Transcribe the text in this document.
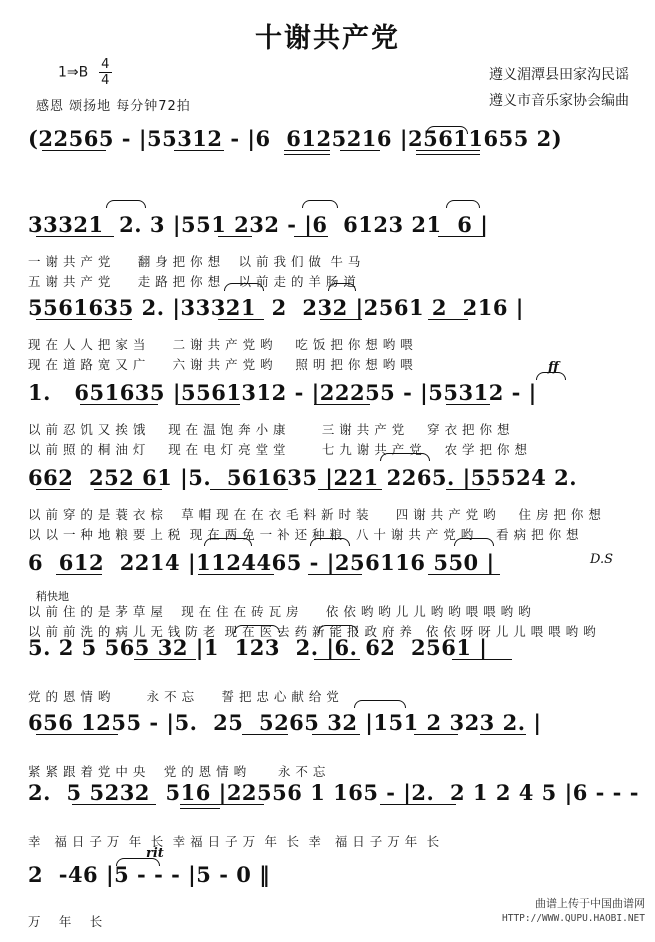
十谢共产党
1⇒B $\frac{4}{4}$
感恩 颂扬地 每分钟72拍
遵义湄潭县田家沟民谣
遵义市音乐家协会编曲
(22565 - |55312 - |6  6125216 |25611655 2)
33321  2. 3 |551 232 - |6  6123 21  6 |
一 谢 共 产 党      翻 身 把 你 想    以 前 我 们 做  牛 马
五 谢 共 产 党      走 路 把 你 想    以 前 走 的 羊 肠 道
5561635 2. |33321  2  232 |2561 2  216 |
现 在 人 人 把 家 当      二 谢 共 产 党 哟     吃 饭 把 你 想 哟 喂
现 在 道 路 宽 又 广      六 谢 共 产 党 哟     照 明 把 你 想 哟 喂	ff
1.   651635 |5561312 - |22255 - |55312 - |
以 前 忍 饥 又 挨 饿     现 在 温 饱 奔 小 康        三 谢 共 产 党     穿 衣 把 你 想
以 前 照 的 桐 油 灯     现 在 电 灯 亮 堂 堂        七 九 谢 共 产 党     农 学 把 你 想
662  252 61 |5.  561635 |221 2265. |55524 2.
以 前 穿 的 是 蓑 衣 棕    草 帽 现 在 在 衣 毛 料 新 时 装      四 谢 共 产 党 哟     住 房 把 你 想
以 以 一 种 地 粮 要 上 税  现 在 两 免 一 补 还 种 粮   八 十 谢 共 产 党 哟     看 病 把 你 想
6  612  2214 |1124465 - |256116 550 |	D.S
稍快地
以 前 住 的 是 茅 草 屋    现 在 住 在 砖 瓦 房      依 依 哟 哟 儿 儿 哟 哟 喂 喂 哟 哟
以 前 前 洗 的 病 儿 无 钱 防 老  现 在 医 去 药 新 能 报 政 府 养   依 依 呀 呀 儿 儿 喂 喂 哟 哟
5. 2 5 565 32 |1  123  2. |6. 62  2561 |
党 的 恩 情 哟        永 不 忘      誓 把 忠 心 献 给 党
656 1255 - |5.  25  5265 32 |151 2 323 2. |
紧 紧 跟 着 党 中 央    党 的 恩 情 哟       永 不 忘
2.  5 5232  516 |22556 1 165 - |2.  2 1 2 4 5 |6 - - -
幸   福 日 子 万  年  长  幸 福 日 子 万  年  长  幸   福 日 子 万 年  长
rit
2  -46 |5 - - - |5 - 0 ‖
万    年    长
曲谱上传于中国曲谱网
HTTP://WWW.QUPU.HAOBI.NET
